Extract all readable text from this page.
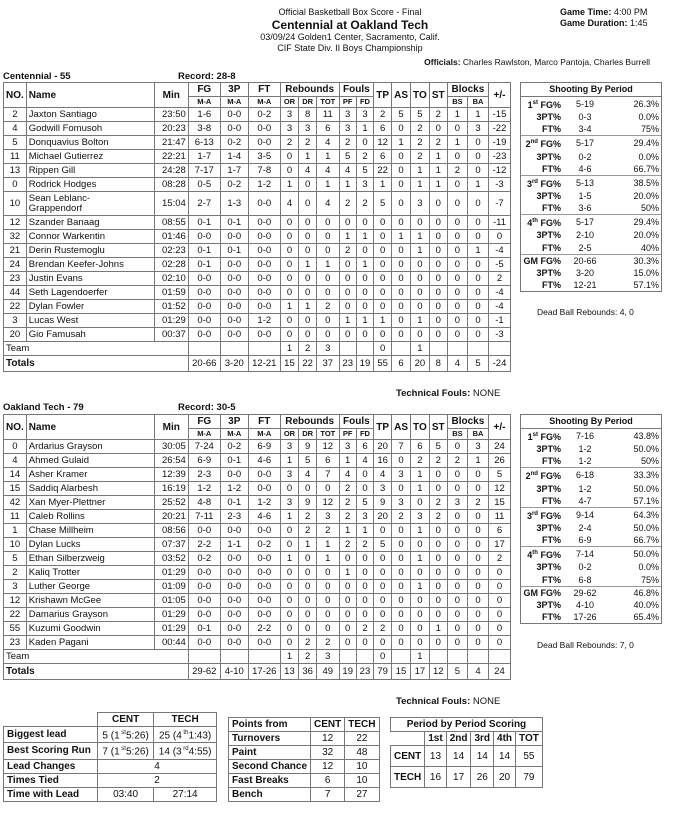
Official Basketball Box Score - Final
Centennial at Oakland Tech
03/09/24 Golden1 Center, Sacramento, Calif.
CIF State Div. II Boys Championship
Game Time: 4:00 PM
Game Duration: 1:45
Officials: Charles Rawlston, Marco Pantoja, Charles Burrell
Centennial - 55	Record: 28-8
NO.	Name	Min	FG	3P	FT	Rebounds			Fouls		TP	AS	TO	ST	Blocks		+/-
			M-A	M-A	M-A	OR	DR	TOT	PF	FD					BS	BA	
2	Jaxton Santiago	23:50	1-6	0-0	0-2	3	8	11	3	3	2	5	5	2	1	1	-15
4	Godwill Fomusoh	20:23	3-8	0-0	0-0	3	3	6	3	1	6	0	2	0	0	3	-22
5	Donquavius Bolton	21:47	6-13	0-2	0-0	2	2	4	2	0	12	1	2	2	1	0	-19
11	Michael Gutierrez	22:21	1-7	1-4	3-5	0	1	1	5	2	6	0	2	1	0	0	-23
13	Rippen Gill	24:28	7-17	1-7	7-8	0	4	4	4	5	22	0	1	1	2	0	-12
0	Rodrick Hodges	08:28	0-5	0-2	1-2	1	0	1	1	3	1	0	1	1	0	1	-3
10	Sean Leblanc-
Grappendorf	15:04	2-7	1-3	0-0	4	0	4	2	2	5	0	3	0	0	0	-7
12	Szander Banaag	08:55	0-1	0-1	0-0	0	0	0	0	0	0	0	0	0	0	0	-11
32	Connor Warkentin	01:46	0-0	0-0	0-0	0	0	0	1	1	0	1	1	0	0	0	0
21	Derin Rustemoglu	02:23	0-1	0-1	0-0	0	0	0	2	0	0	0	1	0	0	1	-4
24	Brendan Keefer-Johns	02:28	0-1	0-0	0-0	0	1	1	0	1	0	0	0	0	0	0	-5
23	Justin Evans	02:10	0-0	0-0	0-0	0	0	0	0	0	0	0	0	0	0	0	2
44	Seth Lagendoerfer	01:59	0-0	0-0	0-0	0	0	0	0	0	0	0	0	0	0	0	-4
22	Dylan Fowler	01:52	0-0	0-0	0-0	1	1	2	0	0	0	0	0	0	0	0	-4
3	Lucas West	01:29	0-0	0-0	1-2	0	0	0	1	1	1	0	1	0	0	0	-1
20	Gio Famusah	00:37	0-0	0-0	0-0	0	0	0	0	0	0	0	0	0	0	0	-3
Team						1	2	3			0		1				
Totals			20-66	3-20	12-21	15	22	37	23	19	55	6	20	8	4	5	-24
Technical Fouls: NONE
Shooting By Period
1st FG%	5-19	26.3%
3PT%	0-3	0.0%
FT%	3-4	75%
2nd FG%	5-17	29.4%
3PT%	0-2	0.0%
FT%	4-6	66.7%
3rd FG%	5-13	38.5%
3PT%	1-5	20.0%
FT%	3-6	50%
4th FG%	5-17	29.4%
3PT%	2-10	20.0%
FT%	2-5	40%
GM FG%	20-66	30.3%
3PT%	3-20	15.0%
FT%	12-21	57.1%
Dead Ball Rebounds: 4, 0
Oakland Tech - 79	Record: 30-5
NO.	Name	Min	FG	3P	FT	Rebounds			Fouls		TP	AS	TO	ST	Blocks		+/-
			M-A	M-A	M-A	OR	DR	TOT	PF	FD					BS	BA	
0	Ardarius Grayson	30:05	7-24	0-2	6-9	3	9	12	3	6	20	7	6	5	0	3	24
4	Ahmed Gulaid	26:54	6-9	0-1	4-6	1	5	6	1	4	16	0	2	2	2	1	26
14	Asher Kramer	12:39	2-3	0-0	0-0	3	4	7	4	0	4	3	1	0	0	0	5
15	Saddiq Alarbesh	16:19	1-2	1-2	0-0	0	0	0	2	0	3	0	1	0	0	0	12
42	Xan Myer-Plettner	25:52	4-8	0-1	1-2	3	9	12	2	5	9	3	0	2	3	2	15
11	Caleb Rollins	20:21	7-11	2-3	4-6	1	2	3	2	3	20	2	3	2	0	0	11
1	Chase Millheim	08:56	0-0	0-0	0-0	0	2	2	1	1	0	0	1	0	0	0	6
10	Dylan Lucks	07:37	2-2	1-1	0-2	0	1	1	2	2	5	0	0	0	0	0	17
5	Ethan Silberzweig	03:52	0-2	0-0	0-0	1	0	1	0	0	0	0	1	0	0	0	2
2	Kaliq Trotter	01:29	0-0	0-0	0-0	0	0	0	1	0	0	0	0	0	0	0	0
3	Luther George	01:09	0-0	0-0	0-0	0	0	0	0	0	0	0	1	0	0	0	0
12	Krishawn McGee	01:05	0-0	0-0	0-0	0	0	0	0	0	0	0	0	0	0	0	0
22	Damarius Grayson	01:29	0-0	0-0	0-0	0	0	0	0	0	0	0	0	0	0	0	0
55	Kuzumi Goodwin	01:29	0-1	0-0	2-2	0	0	0	0	2	2	0	0	1	0	0	0
23	Kaden Pagani	00:44	0-0	0-0	0-0	0	2	2	0	0	0	0	0	0	0	0	0
Team						1	2	3			0		1				
Totals			29-62	4-10	17-26	13	36	49	19	23	79	15	17	12	5	4	24
Technical Fouls: NONE
Shooting By Period
1st FG%	7-16	43.8%
3PT%	1-2	50.0%
FT%	1-2	50%
2nd FG%	6-18	33.3%
3PT%	1-2	50.0%
FT%	4-7	57.1%
3rd FG%	9-14	64.3%
3PT%	2-4	50.0%
FT%	6-9	66.7%
4th FG%	7-14	50.0%
3PT%	0-2	0.0%
FT%	6-8	75%
GM FG%	29-62	46.8%
3PT%	4-10	40.0%
FT%	17-26	65.4%
Dead Ball Rebounds: 7, 0
	CENT	TECH
Biggest lead	5 (1 $^{st}$5:26)	25 (4 $^{th}$1:43)
Best Scoring Run	7 (1 $^{st}$5:26)	14 (3 $^{rd}$4:55)
Lead Changes	4	
Times Tied	2	
Time with Lead	03:40	27:14
Points from	CENT	TECH
Turnovers	12	22
Paint	32	48
Second Chance	12	10
Fast Breaks	6	10
Bench	7	27
Period by Period Scoring					
	1st	2nd	3rd	4th	TOT
CENT	13	14	14	14	55
TECH	16	17	26	20	79
